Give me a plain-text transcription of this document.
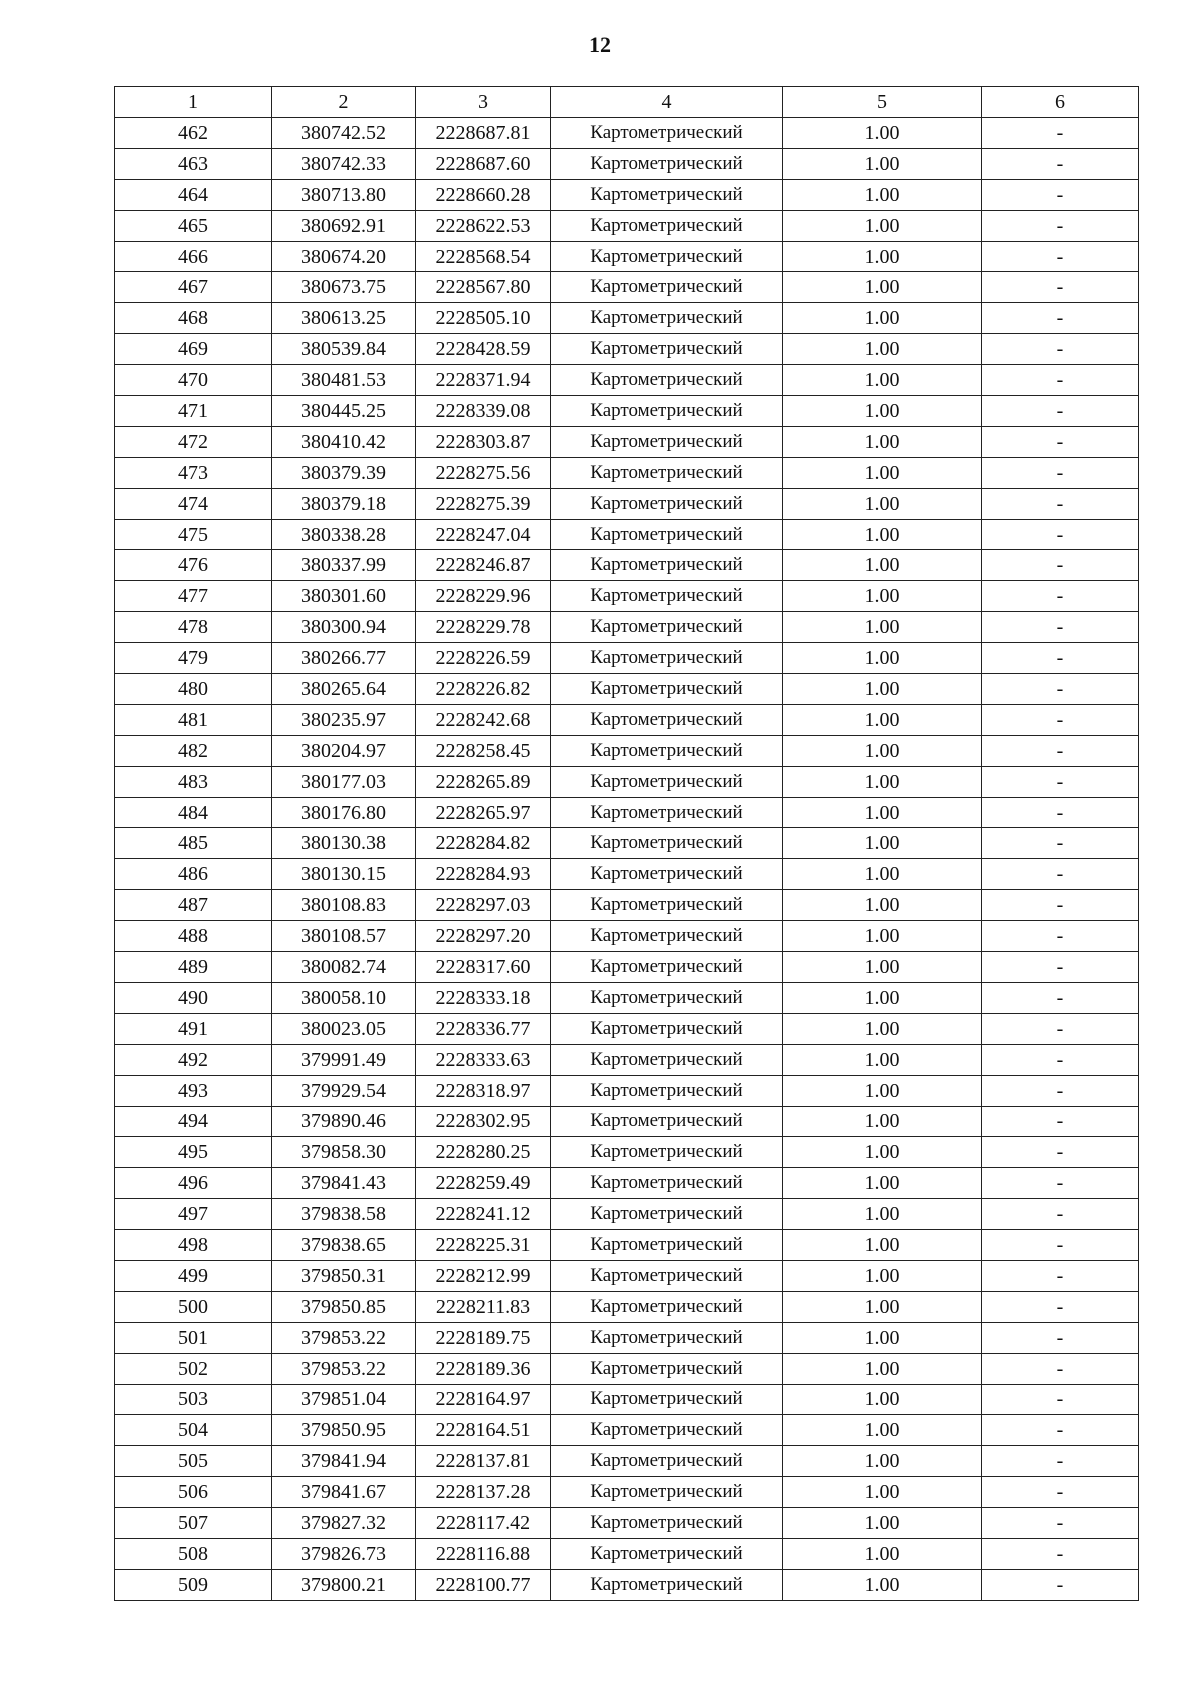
12
1	2	3	4	5	6
462	380742.52	2228687.81	Картометрический	1.00	-
463	380742.33	2228687.60	Картометрический	1.00	-
464	380713.80	2228660.28	Картометрический	1.00	-
465	380692.91	2228622.53	Картометрический	1.00	-
466	380674.20	2228568.54	Картометрический	1.00	-
467	380673.75	2228567.80	Картометрический	1.00	-
468	380613.25	2228505.10	Картометрический	1.00	-
469	380539.84	2228428.59	Картометрический	1.00	-
470	380481.53	2228371.94	Картометрический	1.00	-
471	380445.25	2228339.08	Картометрический	1.00	-
472	380410.42	2228303.87	Картометрический	1.00	-
473	380379.39	2228275.56	Картометрический	1.00	-
474	380379.18	2228275.39	Картометрический	1.00	-
475	380338.28	2228247.04	Картометрический	1.00	-
476	380337.99	2228246.87	Картометрический	1.00	-
477	380301.60	2228229.96	Картометрический	1.00	-
478	380300.94	2228229.78	Картометрический	1.00	-
479	380266.77	2228226.59	Картометрический	1.00	-
480	380265.64	2228226.82	Картометрический	1.00	-
481	380235.97	2228242.68	Картометрический	1.00	-
482	380204.97	2228258.45	Картометрический	1.00	-
483	380177.03	2228265.89	Картометрический	1.00	-
484	380176.80	2228265.97	Картометрический	1.00	-
485	380130.38	2228284.82	Картометрический	1.00	-
486	380130.15	2228284.93	Картометрический	1.00	-
487	380108.83	2228297.03	Картометрический	1.00	-
488	380108.57	2228297.20	Картометрический	1.00	-
489	380082.74	2228317.60	Картометрический	1.00	-
490	380058.10	2228333.18	Картометрический	1.00	-
491	380023.05	2228336.77	Картометрический	1.00	-
492	379991.49	2228333.63	Картометрический	1.00	-
493	379929.54	2228318.97	Картометрический	1.00	-
494	379890.46	2228302.95	Картометрический	1.00	-
495	379858.30	2228280.25	Картометрический	1.00	-
496	379841.43	2228259.49	Картометрический	1.00	-
497	379838.58	2228241.12	Картометрический	1.00	-
498	379838.65	2228225.31	Картометрический	1.00	-
499	379850.31	2228212.99	Картометрический	1.00	-
500	379850.85	2228211.83	Картометрический	1.00	-
501	379853.22	2228189.75	Картометрический	1.00	-
502	379853.22	2228189.36	Картометрический	1.00	-
503	379851.04	2228164.97	Картометрический	1.00	-
504	379850.95	2228164.51	Картометрический	1.00	-
505	379841.94	2228137.81	Картометрический	1.00	-
506	379841.67	2228137.28	Картометрический	1.00	-
507	379827.32	2228117.42	Картометрический	1.00	-
508	379826.73	2228116.88	Картометрический	1.00	-
509	379800.21	2228100.77	Картометрический	1.00	-
